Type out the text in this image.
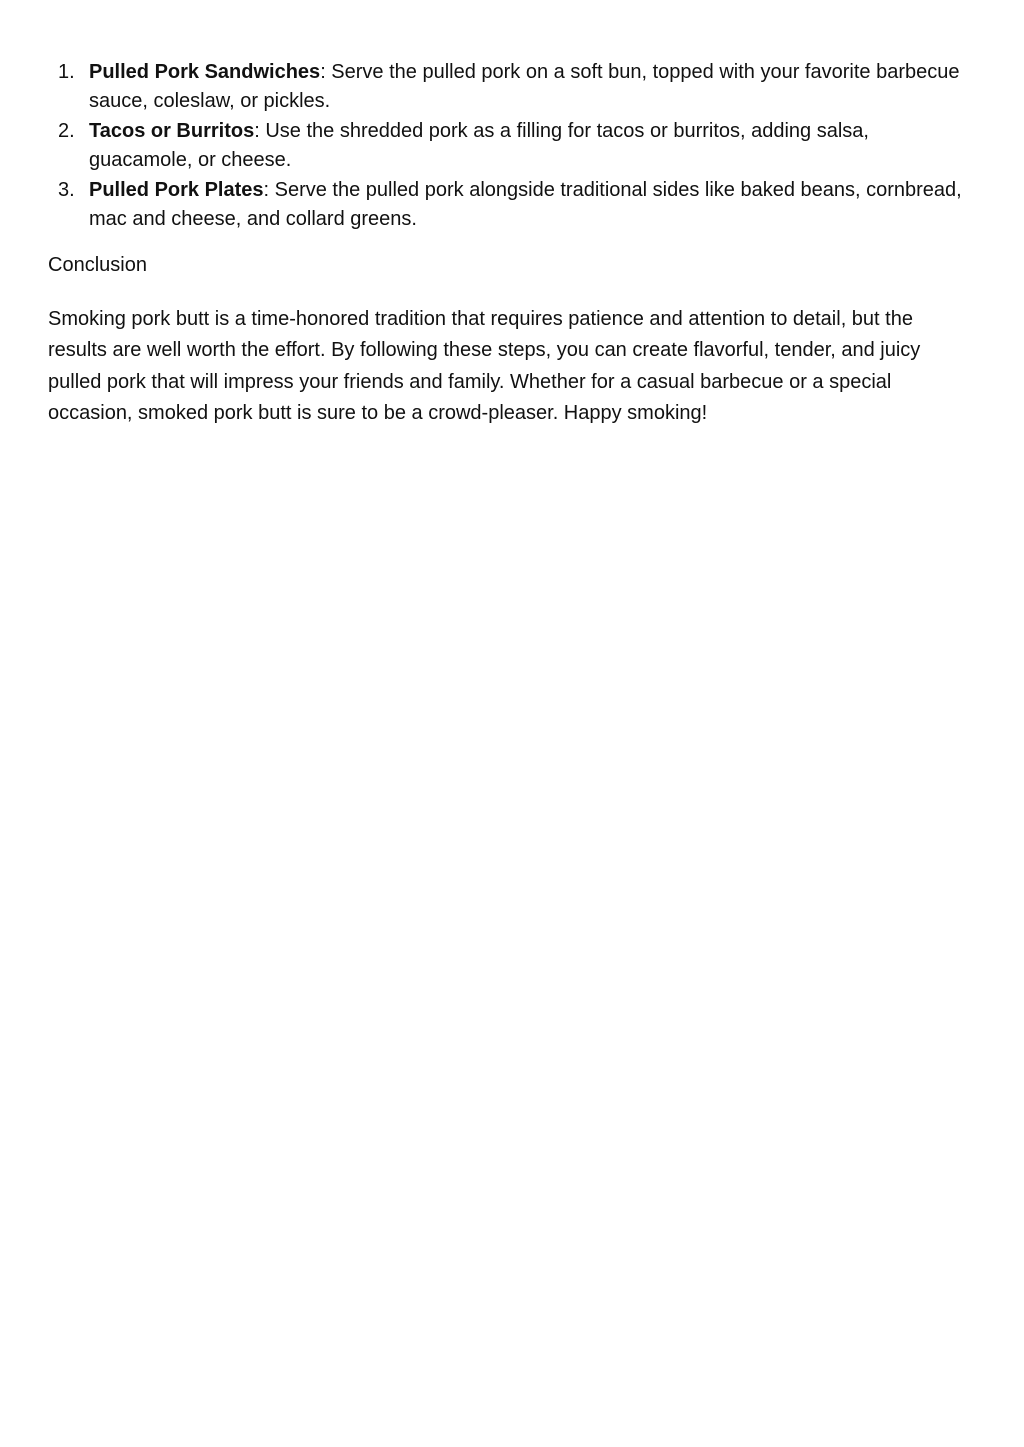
1. Pulled Pork Sandwiches: Serve the pulled pork on a soft bun, topped with your favorite barbecue sauce, coleslaw, or pickles.
2. Tacos or Burritos: Use the shredded pork as a filling for tacos or burritos, adding salsa, guacamole, or cheese.
3. Pulled Pork Plates: Serve the pulled pork alongside traditional sides like baked beans, cornbread, mac and cheese, and collard greens.
Conclusion

Smoking pork butt is a time-honored tradition that requires patience and attention to detail, but the results are well worth the effort. By following these steps, you can create flavorful, tender, and juicy pulled pork that will impress your friends and family. Whether for a casual barbecue or a special occasion, smoked pork butt is sure to be a crowd-pleaser. Happy smoking!
